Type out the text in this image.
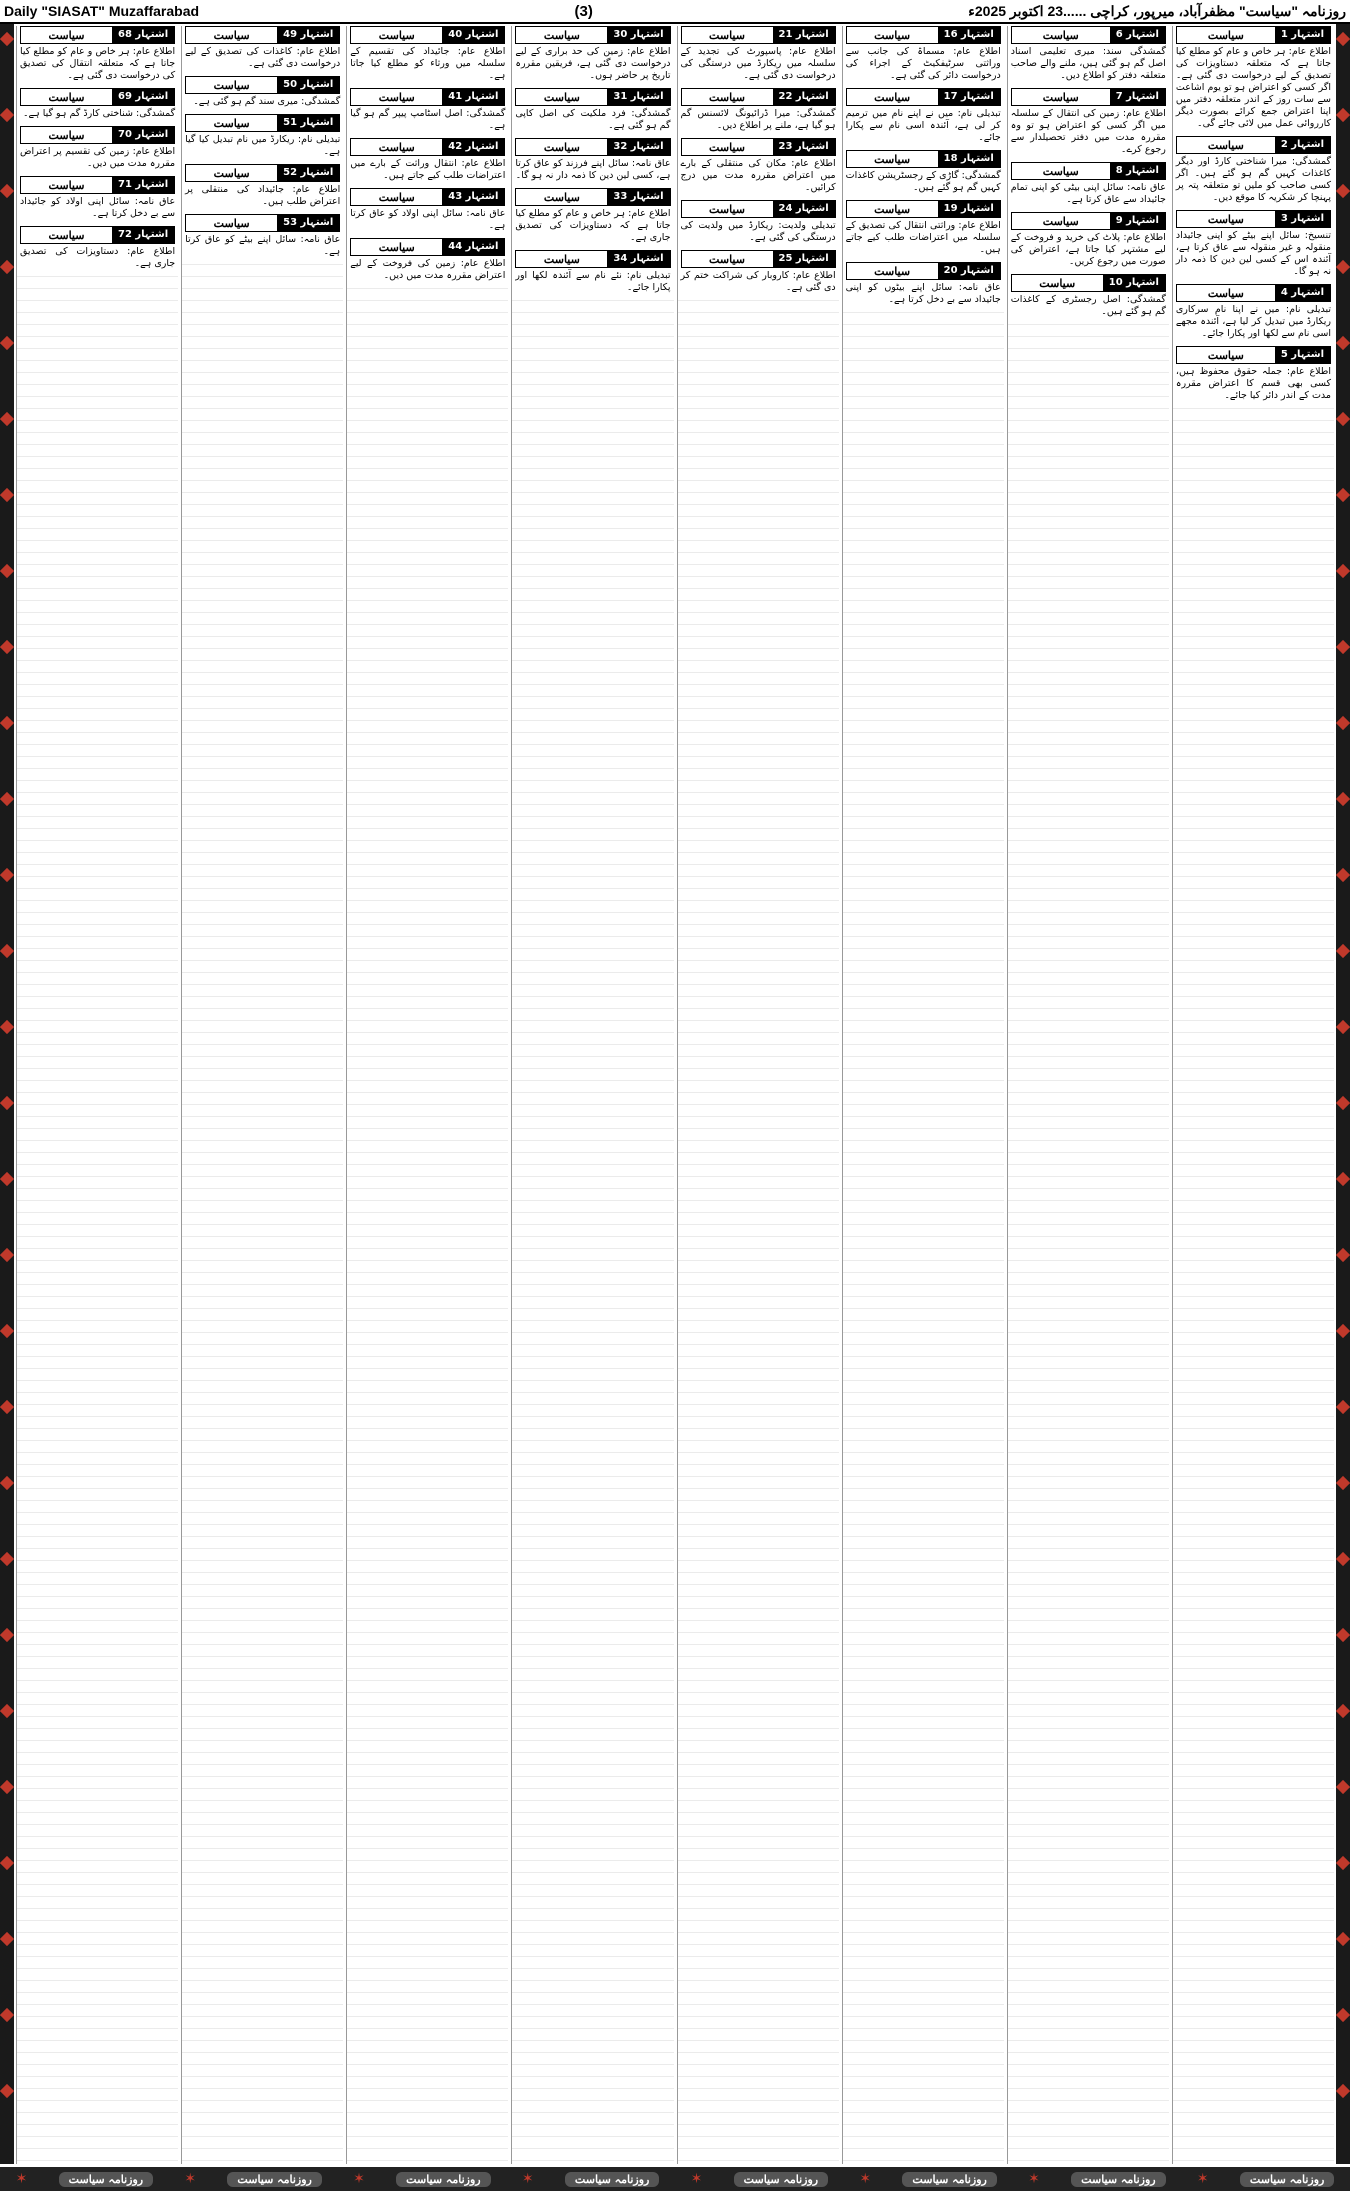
Daily "SIASAT" Muzaffarabad	(3)	روزنامہ "سیاست" مظفرآباد، میرپور، کراچی ......23 اکتوبر 2025ء
اشتہار 1
سیاست
اطلاع عام: ہر خاص و عام کو مطلع کیا جاتا ہے کہ متعلقہ دستاویزات کی تصدیق کے لیے درخواست دی گئی ہے۔ اگر کسی کو اعتراض ہو تو یوم اشاعت سے سات روز کے اندر متعلقہ دفتر میں اپنا اعتراض جمع کرائے بصورت دیگر کارروائی عمل میں لائی جائے گی۔
اشتہار 2
سیاست
گمشدگی: میرا شناختی کارڈ اور دیگر کاغذات کہیں گم ہو گئے ہیں۔ اگر کسی صاحب کو ملیں تو متعلقہ پتہ پر پہنچا کر شکریہ کا موقع دیں۔
اشتہار 3
سیاست
تنسیخ: سائل اپنے بیٹے کو اپنی جائیداد منقولہ و غیر منقولہ سے عاق کرتا ہے، آئندہ اس کے کسی لین دین کا ذمہ دار نہ ہو گا۔
اشتہار 4
سیاست
تبدیلی نام: میں نے اپنا نام سرکاری ریکارڈ میں تبدیل کر لیا ہے، آئندہ مجھے اسی نام سے لکھا اور پکارا جائے۔
اشتہار 5
سیاست
اطلاع عام: جملہ حقوق محفوظ ہیں، کسی بھی قسم کا اعتراض مقررہ مدت کے اندر دائر کیا جائے۔
اشتہار 6
سیاست
گمشدگی سند: میری تعلیمی اسناد اصل گم ہو گئی ہیں، ملنے والے صاحب متعلقہ دفتر کو اطلاع دیں۔
اشتہار 7
سیاست
اطلاع عام: زمین کی انتقال کے سلسلہ میں اگر کسی کو اعتراض ہو تو وہ مقررہ مدت میں دفتر تحصیلدار سے رجوع کرے۔
اشتہار 8
سیاست
عاق نامہ: سائل اپنی بیٹی کو اپنی تمام جائیداد سے عاق کرتا ہے۔
اشتہار 9
سیاست
اطلاع عام: پلاٹ کی خرید و فروخت کے لیے مشتہر کیا جاتا ہے، اعتراض کی صورت میں رجوع کریں۔
اشتہار 10
سیاست
گمشدگی: اصل رجسٹری کے کاغذات گم ہو گئے ہیں۔
اشتہار 16
سیاست
اطلاع عام: مسماۃ کی جانب سے وراثتی سرٹیفکیٹ کے اجراء کی درخواست دائر کی گئی ہے۔
اشتہار 17
سیاست
تبدیلی نام: میں نے اپنے نام میں ترمیم کر لی ہے، آئندہ اسی نام سے پکارا جائے۔
اشتہار 18
سیاست
گمشدگی: گاڑی کے رجسٹریشن کاغذات کہیں گم ہو گئے ہیں۔
اشتہار 19
سیاست
اطلاع عام: وراثتی انتقال کی تصدیق کے سلسلہ میں اعتراضات طلب کیے جاتے ہیں۔
اشتہار 20
سیاست
عاق نامہ: سائل اپنے بیٹوں کو اپنی جائیداد سے بے دخل کرتا ہے۔
اشتہار 21
سیاست
اطلاع عام: پاسپورٹ کی تجدید کے سلسلہ میں ریکارڈ میں درستگی کی درخواست دی گئی ہے۔
اشتہار 22
سیاست
گمشدگی: میرا ڈرائیونگ لائسنس گم ہو گیا ہے، ملنے پر اطلاع دیں۔
اشتہار 23
سیاست
اطلاع عام: مکان کی منتقلی کے بارے میں اعتراض مقررہ مدت میں درج کرائیں۔
اشتہار 24
سیاست
تبدیلی ولدیت: ریکارڈ میں ولدیت کی درستگی کی گئی ہے۔
اشتہار 25
سیاست
اطلاع عام: کاروبار کی شراکت ختم کر دی گئی ہے۔
اشتہار 30
سیاست
اطلاع عام: زمین کی حد براری کے لیے درخواست دی گئی ہے، فریقین مقررہ تاریخ پر حاضر ہوں۔
اشتہار 31
سیاست
گمشدگی: فرد ملکیت کی اصل کاپی گم ہو گئی ہے۔
اشتہار 32
سیاست
عاق نامہ: سائل اپنے فرزند کو عاق کرتا ہے، کسی لین دین کا ذمہ دار نہ ہو گا۔
اشتہار 33
سیاست
اطلاع عام: ہر خاص و عام کو مطلع کیا جاتا ہے کہ دستاویزات کی تصدیق جاری ہے۔
اشتہار 34
سیاست
تبدیلی نام: نئے نام سے آئندہ لکھا اور پکارا جائے۔
اشتہار 40
سیاست
اطلاع عام: جائیداد کی تقسیم کے سلسلہ میں ورثاء کو مطلع کیا جاتا ہے۔
اشتہار 41
سیاست
گمشدگی: اصل اسٹامپ پیپر گم ہو گیا ہے۔
اشتہار 42
سیاست
اطلاع عام: انتقال وراثت کے بارے میں اعتراضات طلب کیے جاتے ہیں۔
اشتہار 43
سیاست
عاق نامہ: سائل اپنی اولاد کو عاق کرتا ہے۔
اشتہار 44
سیاست
اطلاع عام: زمین کی فروخت کے لیے اعتراض مقررہ مدت میں دیں۔
اشتہار 49
سیاست
اطلاع عام: کاغذات کی تصدیق کے لیے درخواست دی گئی ہے۔
اشتہار 50
سیاست
گمشدگی: میری سند گم ہو گئی ہے۔
اشتہار 51
سیاست
تبدیلی نام: ریکارڈ میں نام تبدیل کیا گیا ہے۔
اشتہار 52
سیاست
اطلاع عام: جائیداد کی منتقلی پر اعتراض طلب ہیں۔
اشتہار 53
سیاست
عاق نامہ: سائل اپنے بیٹے کو عاق کرتا ہے۔
اشتہار 68
سیاست
اطلاع عام: ہر خاص و عام کو مطلع کیا جاتا ہے کہ متعلقہ انتقال کی تصدیق کی درخواست دی گئی ہے۔
اشتہار 69
سیاست
گمشدگی: شناختی کارڈ گم ہو گیا ہے۔
اشتہار 70
سیاست
اطلاع عام: زمین کی تقسیم پر اعتراض مقررہ مدت میں دیں۔
اشتہار 71
سیاست
عاق نامہ: سائل اپنی اولاد کو جائیداد سے بے دخل کرتا ہے۔
اشتہار 72
سیاست
اطلاع عام: دستاویزات کی تصدیق جاری ہے۔
✶	روزنامہ سیاست	✶	روزنامہ سیاست	✶	روزنامہ سیاست	✶	روزنامہ سیاست	✶	روزنامہ سیاست	✶	روزنامہ سیاست	✶	روزنامہ سیاست	✶	روزنامہ سیاست
